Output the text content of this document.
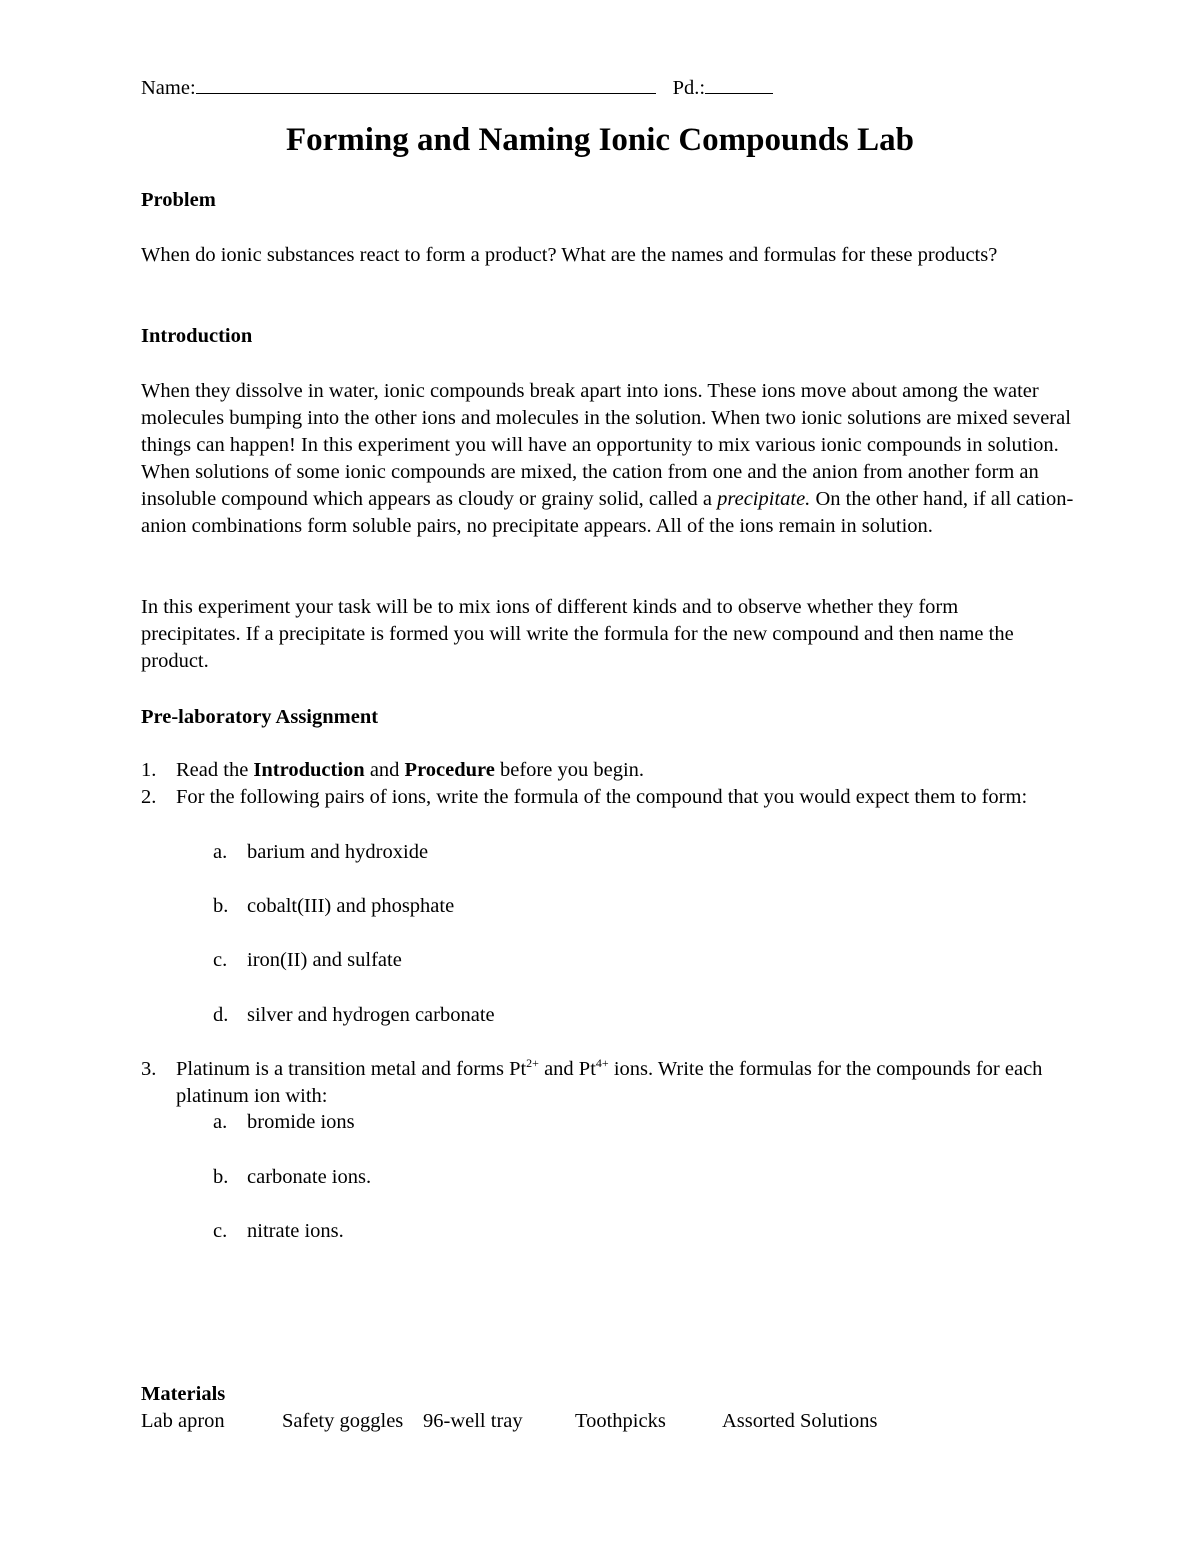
Name:	Pd.:
Forming and Naming Ionic Compounds Lab
Problem

When do ionic substances react to form a product? What are the names and formulas for these products?

Introduction

When they dissolve in water, ionic compounds break apart into ions. These ions move about among the water molecules bumping into the other ions and molecules in the solution. When two ionic solutions are mixed several things can happen! In this experiment you will have an opportunity to mix various ionic compounds in solution. When solutions of some ionic compounds are mixed, the cation from one and the anion from another form an insoluble compound which appears as cloudy or grainy solid, called a precipitate. On the other hand, if all cation-anion combinations form soluble pairs, no precipitate appears. All of the ions remain in solution.

In this experiment your task will be to mix ions of different kinds and to observe whether they form precipitates. If a precipitate is formed you will write the formula for the new compound and then name the product.

Pre-laboratory Assignment
1. Read the Introduction and Procedure before you begin.
2. For the following pairs of ions, write the formula of the compound that you would expect them to form:
a. barium and hydroxide
b. cobalt(III) and phosphate
c. iron(II) and sulfate
d. silver and hydrogen carbonate
3. Platinum is a transition metal and forms $Pt^{2+}$ and $Pt^{4+}$ ions. Write the formulas for the compounds for each platinum ion with:
a. bromide ions
b. carbonate ions.
c. nitrate ions.
Materials
Lab apron	Safety goggles 96-well tray	Toothpicks	Assorted Solutions
